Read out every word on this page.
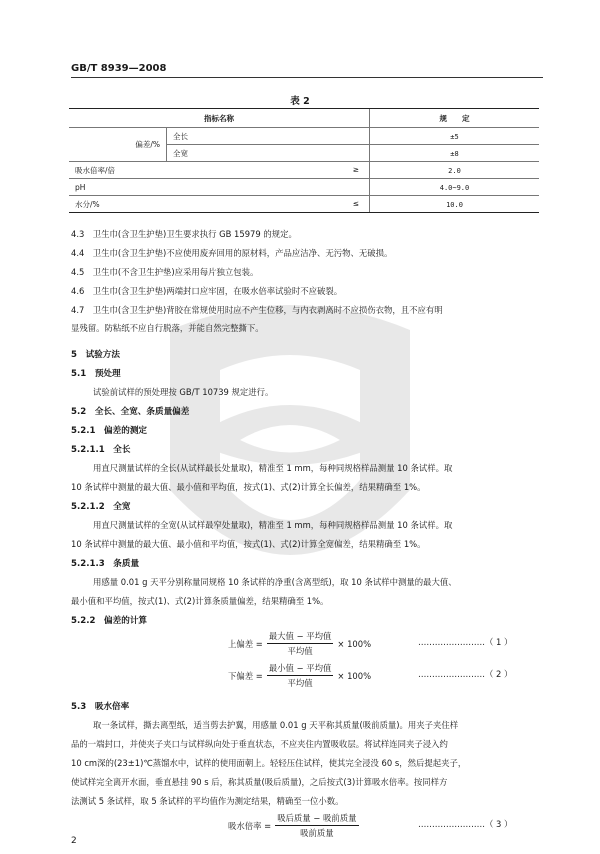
GB/T 8939—2008
表 2
指标名称		规　　定
偏差/%	全长	±5
	全宽	±8
吸水倍率/倍 ≥		2.0
pH		4.0~9.0
水分/% ≤		10.0
4.3　卫生巾(含卫生护垫)卫生要求执行 GB 15979 的规定。
4.4　卫生巾(含卫生护垫)不应使用废弃回用的原材料，产品应洁净、无污物、无破损。
4.5　卫生巾(不含卫生护垫)应采用每片独立包装。
4.6　卫生巾(含卫生护垫)两端封口应牢固，在吸水倍率试验时不应破裂。
4.7　卫生巾(含卫生护垫)背胶在常规使用时应不产生位移，与内衣剥离时不应损伤衣物，且不应有明
显残留。防粘纸不应自行脱落，并能自然完整撕下。
5　试验方法
5.1　预处理
试验前试样的预处理按 GB/T 10739 规定进行。
5.2　全长、全宽、条质量偏差
5.2.1　偏差的测定
5.2.1.1　全长
用直尺测量试样的全长(从试样最长处量取)，精准至 1 mm，每种同规格样品测量 10 条试样。取
10 条试样中测量的最大值、最小值和平均值，按式(1)、式(2)计算全长偏差，结果精确至 1%。
5.2.1.2　全宽
用直尺测量试样的全宽(从试样最窄处量取)，精准至 1 mm，每种同规格样品测量 10 条试样。取
10 条试样中测量的最大值、最小值和平均值，按式(1)、式(2)计算全宽偏差，结果精确至 1%。
5.2.1.3　条质量
用感量 0.01 g 天平分别称量同规格 10 条试样的净重(含离型纸)，取 10 条试样中测量的最大值、
最小值和平均值，按式(1)、式(2)计算条质量偏差，结果精确至 1%。
5.2.2　偏差的计算
上偏差 = $\frac{\text{最大值 − 平均值}}{\text{平均值}} \times 100\%$	……………………（ 1 ）
下偏差 = $\frac{\text{最小值 − 平均值}}{\text{平均值}} \times 100\%$	……………………（ 2 ）
5.3　吸水倍率
取一条试样，撕去离型纸，适当剪去护翼，用感量 0.01 g 天平称其质量(吸前质量)。用夹子夹住样
品的一端封口，并使夹子夹口与试样纵向处于垂直状态，不应夹住内置吸收层。将试样连同夹子浸入约
10 cm深的(23±1)℃蒸馏水中，试样的使用面朝上。轻轻压住试样，使其完全浸没 60 s，然后提起夹子，
使试样完全离开水面，垂直悬挂 90 s 后，称其质量(吸后质量)，之后按式(3)计算吸水倍率。按同样方
法测试 5 条试样，取 5 条试样的平均值作为测定结果，精确至一位小数。
吸水倍率 = $\frac{\text{吸后质量 − 吸前质量}}{\text{吸前质量}}$	……………………（ 3 ）
2
